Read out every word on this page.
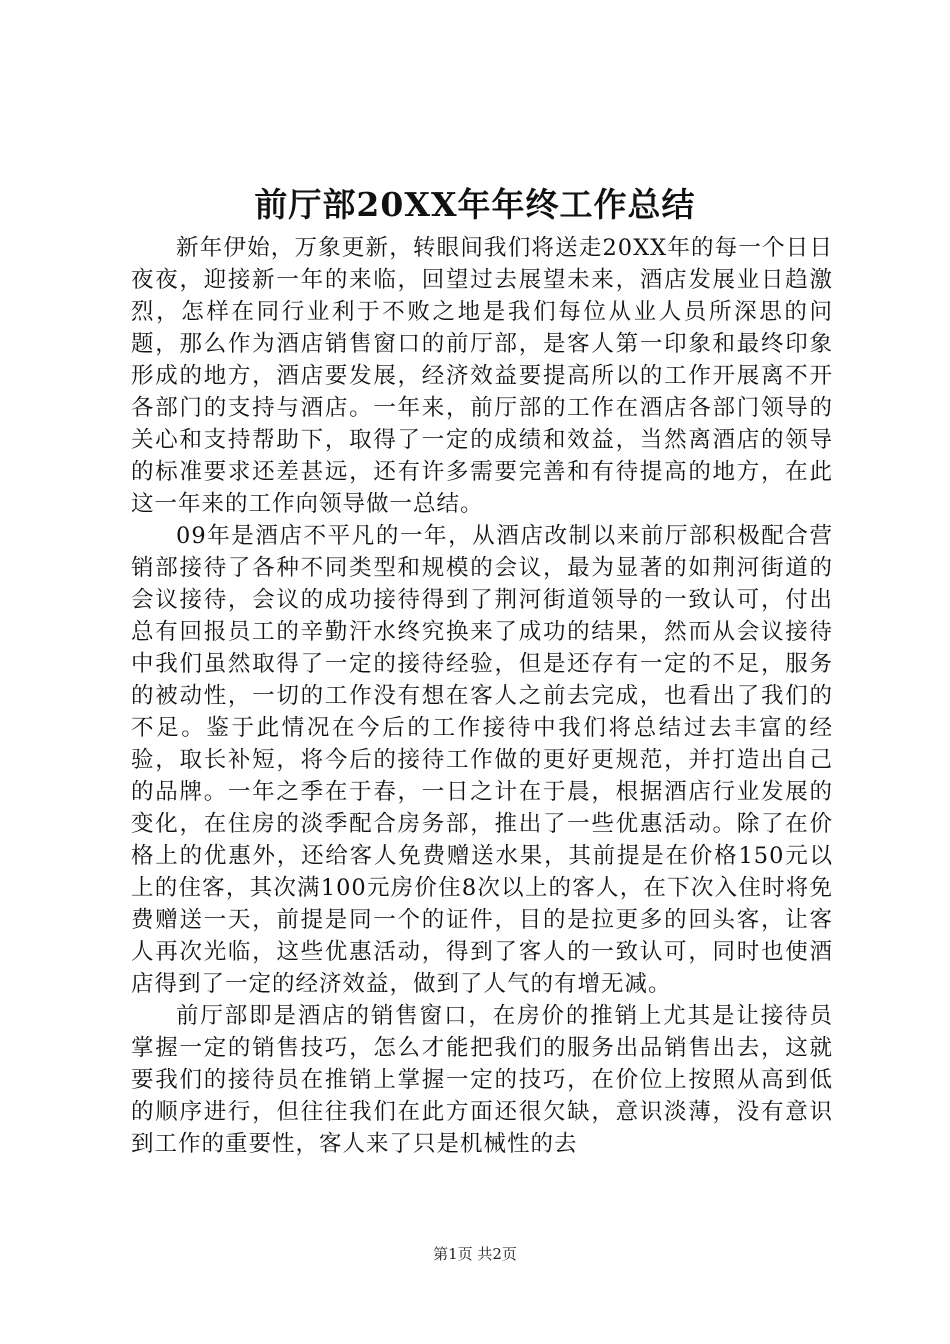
前厅部20XX年年终工作总结

新年伊始，万象更新，转眼间我们将送走20XX年的每一个日日夜夜，迎接新一年的来临，回望过去展望未来，酒店发展业日趋激烈，怎样在同行业利于不败之地是我们每位从业人员所深思的问题，那么作为酒店销售窗口的前厅部，是客人第一印象和最终印象形成的地方，酒店要发展，经济效益要提高所以的工作开展离不开各部门的支持与酒店。一年来，前厅部的工作在酒店各部门领导的关心和支持帮助下，取得了一定的成绩和效益，当然离酒店的领导的标准要求还差甚远，还有许多需要完善和有待提高的地方，在此这一年来的工作向领导做一总结。

09年是酒店不平凡的一年，从酒店改制以来前厅部积极配合营销部接待了各种不同类型和规模的会议，最为显著的如荆河街道的会议接待，会议的成功接待得到了荆河街道领导的一致认可，付出总有回报员工的辛勤汗水终究换来了成功的结果，然而从会议接待中我们虽然取得了一定的接待经验，但是还存有一定的不足，服务的被动性，一切的工作没有想在客人之前去完成，也看出了我们的不足。鉴于此情况在今后的工作接待中我们将总结过去丰富的经验，取长补短，将今后的接待工作做的更好更规范，并打造出自己的品牌。一年之季在于春，一日之计在于晨，根据酒店行业发展的变化，在住房的淡季配合房务部，推出了一些优惠活动。除了在价格上的优惠外，还给客人免费赠送水果，其前提是在价格150元以上的住客，其次满100元房价住8次以上的客人，在下次入住时将免费赠送一天，前提是同一个的证件，目的是拉更多的回头客，让客人再次光临，这些优惠活动，得到了客人的一致认可，同时也使酒店得到了一定的经济效益，做到了人气的有增无减。

前厅部即是酒店的销售窗口，在房价的推销上尤其是让接待员掌握一定的销售技巧，怎么才能把我们的服务出品销售出去，这就要我们的接待员在推销上掌握一定的技巧，在价位上按照从高到低的顺序进行，但往往我们在此方面还很欠缺，意识淡薄，没有意识到工作的重要性，客人来了只是机械性的去

第1页 共2页
